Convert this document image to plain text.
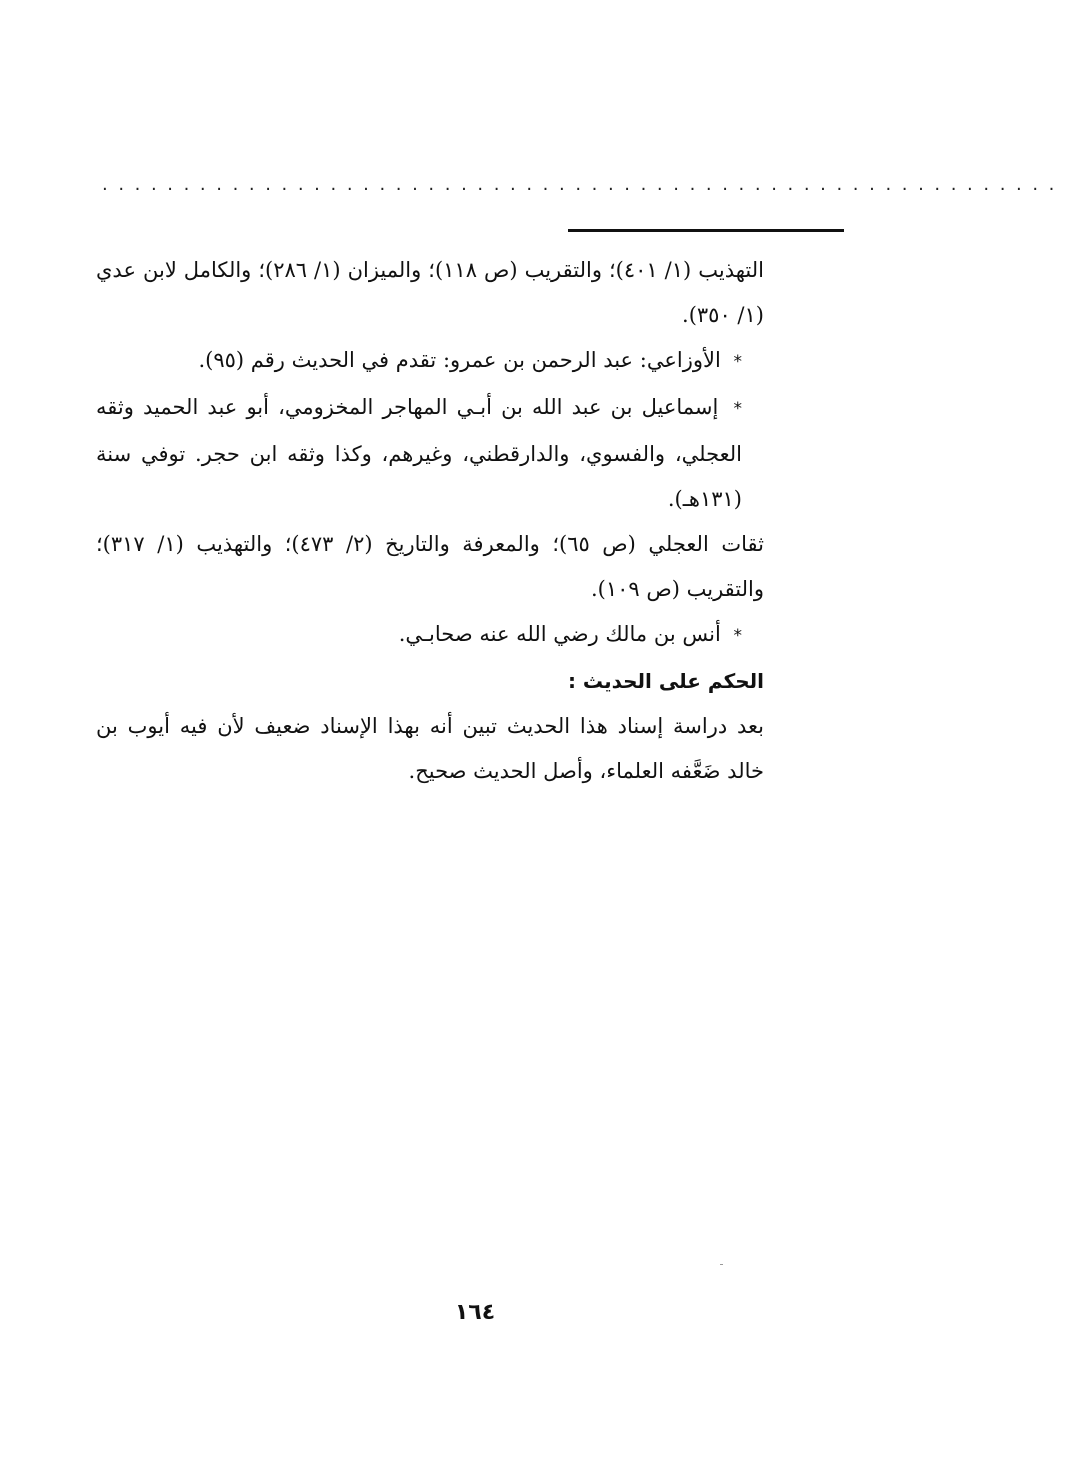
...........................................................

التهذيب (١/ ٤٠١)؛ والتقريب (ص ١١٨)؛ والميزان (١/ ٢٨٦)؛ والكامل لابن عدي (١/ ٣٥٠).

* الأوزاعي: عبد الرحمن بن عمرو: تقدم في الحديث رقم (٩٥).

* إسماعيل بن عبد الله بن أبـي المهاجر المخزومي، أبو عبد الحميد وثقه العجلي، والفسوي، والدارقطني، وغيرهم، وكذا وثقه ابن حجر. توفي سنة (١٣١هـ).

ثقات العجلي (ص ٦٥)؛ والمعرفة والتاريخ (٢/ ٤٧٣)؛ والتهذيب (١/ ٣١٧)؛ والتقريب (ص ١٠٩).

* أنس بن مالك رضي الله عنه صحابـي.

الحكم على الحديث :

بعد دراسة إسناد هذا الحديث تبين أنه بهذا الإسناد ضعيف لأن فيه أيوب بن خالد ضَعَّفه العلماء، وأصل الحديث صحيح.

١٦٤
